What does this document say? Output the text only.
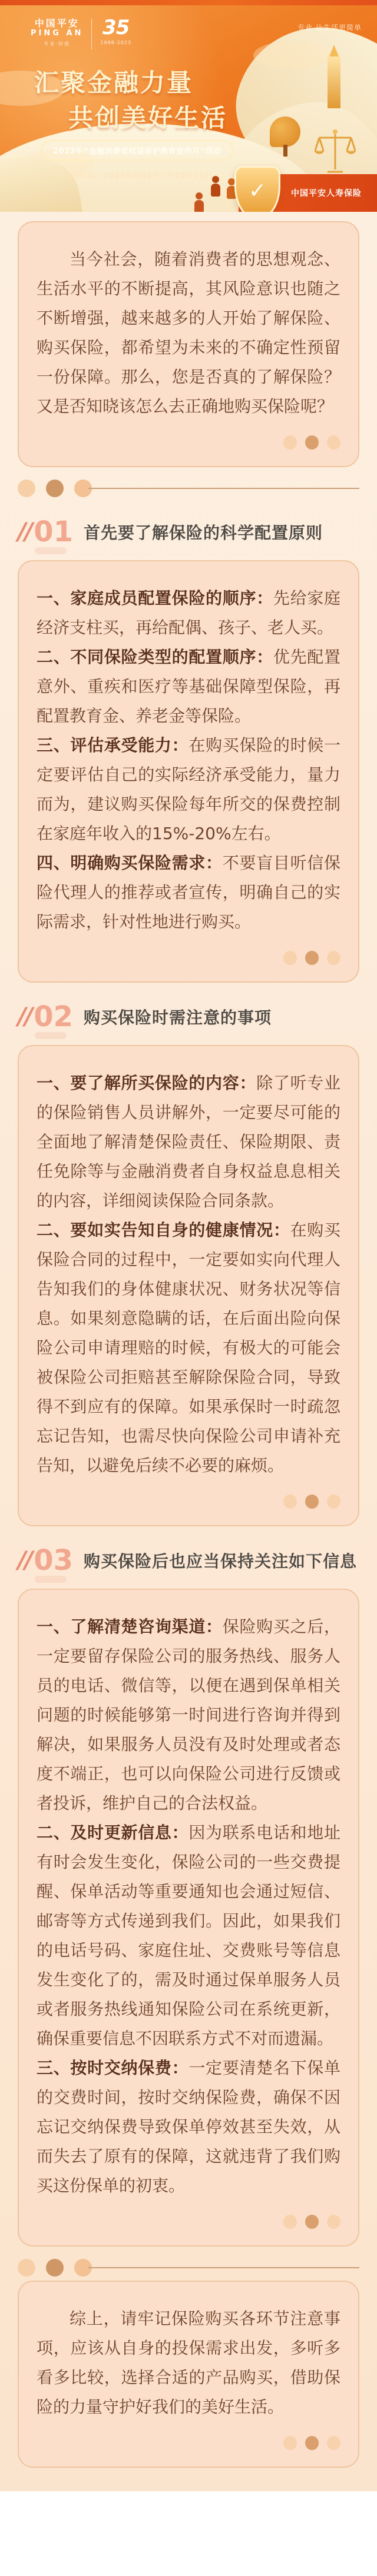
中国平安
PING AN
专业·价值
35
1988-2023
专业 让生活更简单
汇聚金融力量
共创美好生活
2023年“金融消费者权益保护教育宣传月”活动
活动时间：2023年9月15日至10月15日
✓	中国平安人寿保险

当今社会，随着消费者的思想观念、生活水平的不断提高，其风险意识也随之不断增强，越来越多的人开始了解保险、购买保险，都希望为未来的不确定性预留一份保障。那么，您是否真的了解保险？又是否知晓该怎么去正确地购买保险呢？

// 01 首先要了解保险的科学配置原则

一、家庭成员配置保险的顺序：先给家庭经济支柱买，再给配偶、孩子、老人买。

二、不同保险类型的配置顺序：优先配置意外、重疾和医疗等基础保障型保险，再配置教育金、养老金等保险。

三、评估承受能力：在购买保险的时候一定要评估自己的实际经济承受能力，量力而为，建议购买保险每年所交的保费控制在家庭年收入的15%-20%左右。

四、明确购买保险需求：不要盲目听信保险代理人的推荐或者宣传，明确自己的实际需求，针对性地进行购买。

// 02 购买保险时需注意的事项

一、要了解所买保险的内容：除了听专业的保险销售人员讲解外，一定要尽可能的全面地了解清楚保险责任、保险期限、责任免除等与金融消费者自身权益息息相关的内容，详细阅读保险合同条款。

二、要如实告知自身的健康情况：在购买保险合同的过程中，一定要如实向代理人告知我们的身体健康状况、财务状况等信息。如果刻意隐瞒的话，在后面出险向保险公司申请理赔的时候，有极大的可能会被保险公司拒赔甚至解除保险合同，导致得不到应有的保障。如果承保时一时疏忽忘记告知，也需尽快向保险公司申请补充告知，以避免后续不必要的麻烦。

// 03 购买保险后也应当保持关注如下信息

一、了解清楚咨询渠道：保险购买之后，一定要留存保险公司的服务热线、服务人员的电话、微信等，以便在遇到保单相关问题的时候能够第一时间进行咨询并得到解决，如果服务人员没有及时处理或者态度不端正，也可以向保险公司进行反馈或者投诉，维护自己的合法权益。

二、及时更新信息：因为联系电话和地址有时会发生变化，保险公司的一些交费提醒、保单活动等重要通知也会通过短信、邮寄等方式传递到我们。因此，如果我们的电话号码、家庭住址、交费账号等信息发生变化了的，需及时通过保单服务人员或者服务热线通知保险公司在系统更新，确保重要信息不因联系方式不对而遗漏。

三、按时交纳保费：一定要清楚名下保单的交费时间，按时交纳保险费，确保不因忘记交纳保费导致保单停效甚至失效，从而失去了原有的保障，这就违背了我们购买这份保单的初衷。

综上，请牢记保险购买各环节注意事项，应该从自身的投保需求出发，多听多看多比较，选择合适的产品购买，借助保险的力量守护好我们的美好生活。
